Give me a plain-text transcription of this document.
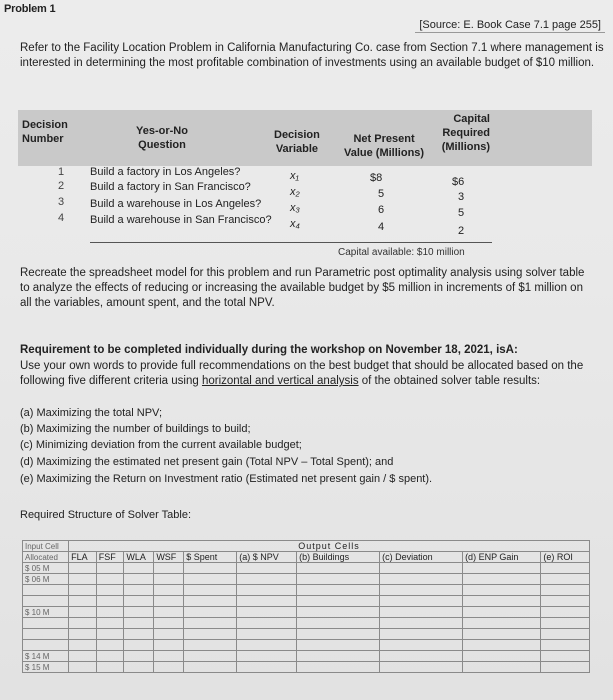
Problem 1
[Source: E. Book Case 7.1 page 255]
Refer to the Facility Location Problem in California Manufacturing Co. case from Section 7.1 where management is interested in determining the most profitable combination of investments using an available budget of $10 million.
Decision
Number
Yes-or-No
Question
Decision
Variable
Net Present
Value (Millions)
Capital
Required
(Millions)
1 Build a factory in Los Angeles?	x₁	$8	$6
2 Build a factory in San Francisco?	x₂	5	3
3 Build a warehouse in Los Angeles?	x₃	6	5
4 Build a warehouse in San Francisco? x₄	4	2
Capital available: $10 million
Recreate the spreadsheet model for this problem and run Parametric post optimality analysis using solver table to analyze the effects of reducing or increasing the available budget by $5 million in increments of $1 million on all the variables, amount spent, and the total NPV.
Requirement to be completed individually during the workshop on November 18, 2021, isA:
Use your own words to provide full recommendations on the best budget that should be allocated based on the following five different criteria using horizontal and vertical analysis of the obtained solver table results:
(a) Maximizing the total NPV;
(b) Maximizing the number of buildings to build;
(c) Minimizing deviation from the current available budget;
(d) Maximizing the estimated net present gain (Total NPV – Total Spent); and
(e) Maximizing the Return on Investment ratio (Estimated net present gain / $ spent).
Required Structure of Solver Table:
Input Cell	Output Cells									
Allocated	FLA	FSF	WLA	WSF	$ Spent	(a) $ NPV	(b) Buildings	(c) Deviation	(d) ENP Gain	(e) ROI
$ 05 M										
$ 06 M										

$ 10 M										

$ 14 M										
$ 15 M										
